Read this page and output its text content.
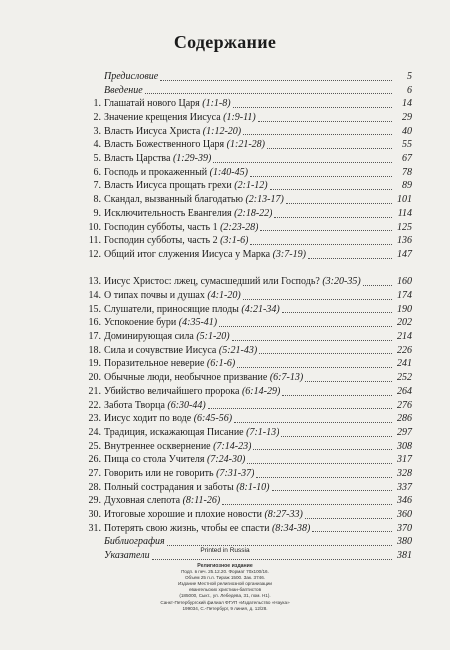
Содержание
Предисловие	5
Введение	6
1. Глашатай нового Царя (1:1-8)	14
2. Значение крещения Иисуса (1:9-11)	29
3. Власть Иисуса Христа (1:12-20)	40
4. Власть Божественного Царя (1:21-28)	55
5. Власть Царства (1:29-39)	67
6. Господь и прокаженный (1:40-45)	78
7. Власть Иисуса прощать грехи (2:1-12)	89
8. Скандал, вызванный благодатью (2:13-17)	101
9. Исключительность Евангелия (2:18-22)	114
10. Господин субботы, часть 1 (2:23-28)	125
11. Господин субботы, часть 2 (3:1-6)	136
12. Общий итог служения Иисуса у Марка (3:7-19)	147
13. Иисус Христос: лжец, сумасшедший или Господь? (3:20-35)	160
14. О типах почвы и душах (4:1-20)	174
15. Слушатели, приносящие плоды (4:21-34)	190
16. Успокоение бури (4:35-41)	202
17. Доминирующая сила (5:1-20)	214
18. Сила и сочувствие Иисуса (5:21-43)	226
19. Поразительное неверие (6:1-6)	241
20. Обычные люди, необычное призвание (6:7-13)	252
21. Убийство величайшего пророка (6:14-29)	264
22. Забота Творца (6:30-44)	276
23. Иисус ходит по воде (6:45-56)	286
24. Традиция, искажающая Писание (7:1-13)	297
25. Внутреннее осквернение (7:14-23)	308
26. Пища со стола Учителя (7:24-30)	317
27. Говорить или не говорить (7:31-37)	328
28. Полный сострадания и заботы (8:1-10)	337
29. Духовная слепота (8:11-26)	346
30. Итоговые хорошие и плохие новости (8:27-33)	360
31. Потерять свою жизнь, чтобы ее спасти (8:34-38)	370
Библиография	380
Указатели	381
Printed in Russia
Религиозное издание
Подп. в печ. 25.12.20. Формат 70х100/16.
Объем 25 п.л. Тираж 1500. Зак. 3746.
Издание Местной религиозной организации
евангельских христиан-баптистов
(185000, Сыкт., ул. Лебедева, 31, пом. Н1).
Санкт-Петербургский филиал ФГУП «Издательство «Наука»
199034, С.-Петербург, 9 линия, д. 12/28.
